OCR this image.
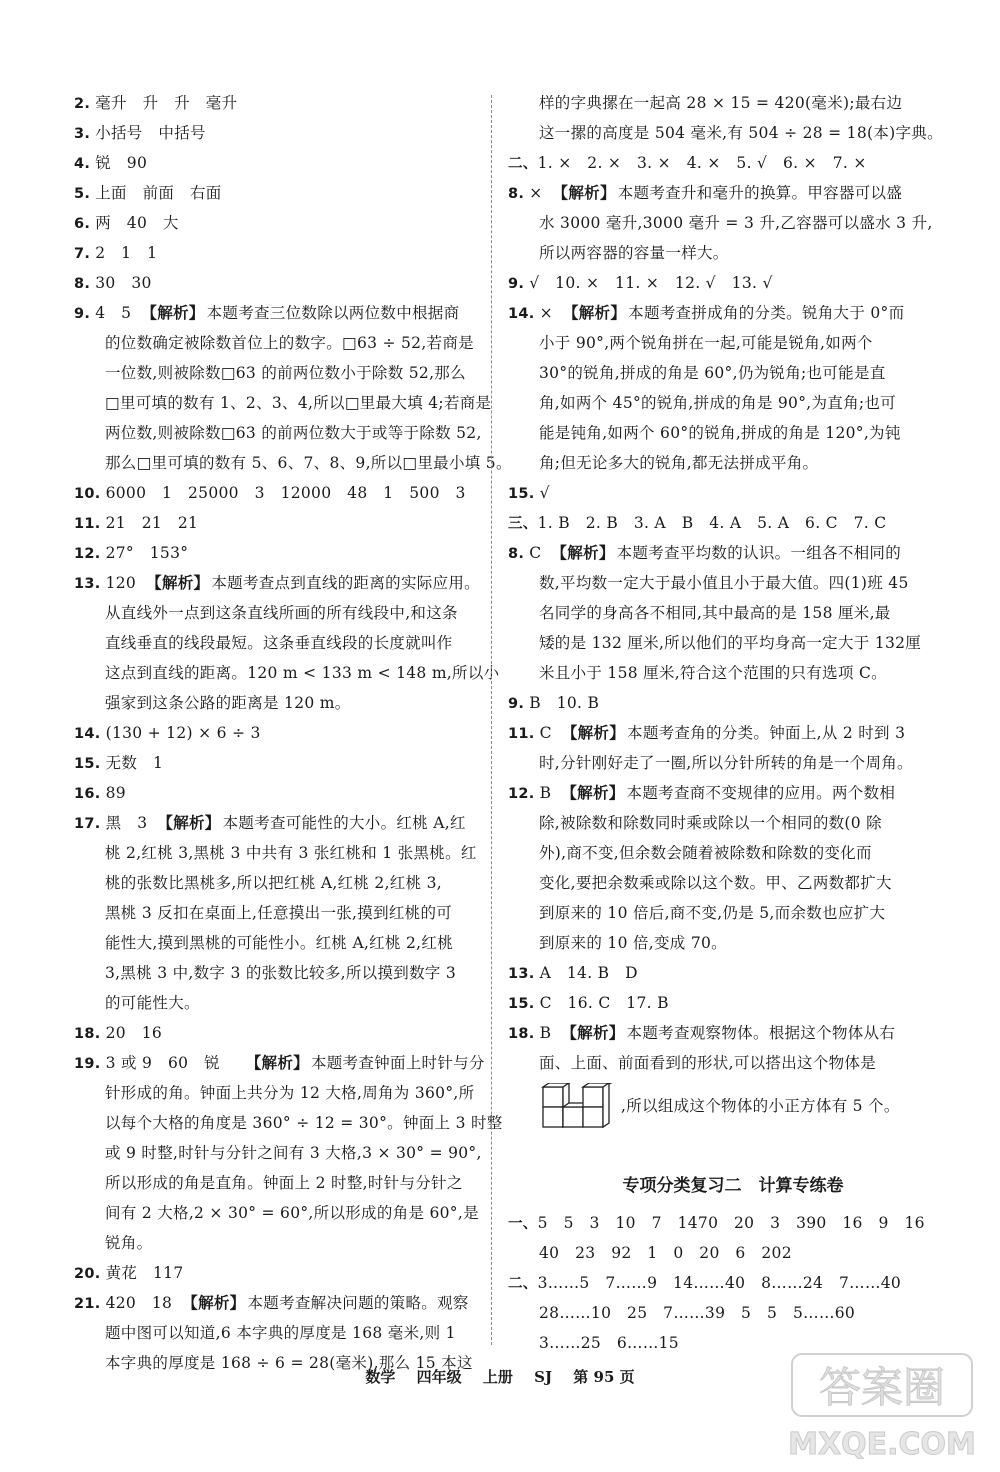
2. 毫升　升　升　毫升
3. 小括号　中括号
4. 锐　90
5. 上面　前面　右面
6. 两　40　大
7. 2　1　1
8. 30　30
9. 4　5　【解析】 本题考查三位数除以两位数中根据商
的位数确定被除数首位上的数字。□63 ÷ 52,若商是
一位数,则被除数□63 的前两位数小于除数 52,那么
□里可填的数有 1、2、3、4,所以□里最大填 4;若商是
两位数,则被除数□63 的前两位数大于或等于除数 52,
那么□里可填的数有 5、6、7、8、9,所以□里最小填 5。
10. 6000　1　25000　3　12000　48　1　500　3
11. 21　21　21
12. 27°　153°
13. 120　【解析】 本题考查点到直线的距离的实际应用。
从直线外一点到这条直线所画的所有线段中,和这条
直线垂直的线段最短。这条垂直线段的长度就叫作
这点到直线的距离。120 m < 133 m < 148 m,所以小
强家到这条公路的距离是 120 m。
14. (130 + 12) × 6 ÷ 3
15. 无数　1
16. 89
17. 黑　3　【解析】 本题考查可能性的大小。红桃 A,红
桃 2,红桃 3,黑桃 3 中共有 3 张红桃和 1 张黑桃。红
桃的张数比黑桃多,所以把红桃 A,红桃 2,红桃 3,
黑桃 3 反扣在桌面上,任意摸出一张,摸到红桃的可
能性大,摸到黑桃的可能性小。红桃 A,红桃 2,红桃
3,黑桃 3 中,数字 3 的张数比较多,所以摸到数字 3
的可能性大。
18. 20　16
19. 3 或 9　60　锐　　【解析】 本题考查钟面上时针与分
针形成的角。钟面上共分为 12 大格,周角为 360°,所
以每个大格的角度是 360° ÷ 12 = 30°。钟面上 3 时整
或 9 时整,时针与分针之间有 3 大格,3 × 30° = 90°,
所以形成的角是直角。钟面上 2 时整,时针与分针之
间有 2 大格,2 × 30° = 60°,所以形成的角是 60°,是
锐角。
20. 黄花　117
21. 420　18　【解析】 本题考查解决问题的策略。观察
题中图可以知道,6 本字典的厚度是 168 毫米,则 1
本字典的厚度是 168 ÷ 6 = 28(毫米),那么 15 本这
样的字典摞在一起高 28 × 15 = 420(毫米);最右边
这一摞的高度是 504 毫米,有 504 ÷ 28 = 18(本)字典。
二、1. ×　2. ×　3. ×　4. ×　5. √　6. ×　7. ×
8. ×　【解析】 本题考查升和毫升的换算。甲容器可以盛
水 3000 毫升,3000 毫升 = 3 升,乙容器可以盛水 3 升,
所以两容器的容量一样大。
9. √　10. ×　11. ×　12. √　13. √
14. ×　【解析】 本题考查拼成角的分类。锐角大于 0°而
小于 90°,两个锐角拼在一起,可能是锐角,如两个
30°的锐角,拼成的角是 60°,仍为锐角;也可能是直
角,如两个 45°的锐角,拼成的角是 90°,为直角;也可
能是钝角,如两个 60°的锐角,拼成的角是 120°,为钝
角;但无论多大的锐角,都无法拼成平角。
15. √
三、1. B　2. B　3. A　B　4. A　5. A　6. C　7. C
8. C　【解析】 本题考查平均数的认识。一组各不相同的
数,平均数一定大于最小值且小于最大值。四(1)班 45
名同学的身高各不相同,其中最高的是 158 厘米,最
矮的是 132 厘米,所以他们的平均身高一定大于 132厘
米且小于 158 厘米,符合这个范围的只有选项 C。
9. B　10. B
11. C　【解析】 本题考查角的分类。钟面上,从 2 时到 3
时,分针刚好走了一圈,所以分针所转的角是一个周角。
12. B　【解析】 本题考查商不变规律的应用。两个数相
除,被除数和除数同时乘或除以一个相同的数(0 除
外),商不变,但余数会随着被除数和除数的变化而
变化,要把余数乘或除以这个数。甲、乙两数都扩大
到原来的 10 倍后,商不变,仍是 5,而余数也应扩大
到原来的 10 倍,变成 70。
13. A　14. B　D
15. C　16. C　17. B
18. B　【解析】 本题考查观察物体。根据这个物体从右
面、上面、前面看到的形状,可以搭出这个物体是
,所以组成这个物体的小正方体有 5 个。
专项分类复习二　计算专练卷
一、5　5　3　10　7　1470　20　3　390　16　9　16
40　23　92　1　0　20　6　202
二、3……5　7……9　14……40　8……24　7……40
28……10　25　7……39　5　5　5……60
3……25　6……15
数学 四年级 上册 SJ 第 95 页	答案圈
MXQE.COM
